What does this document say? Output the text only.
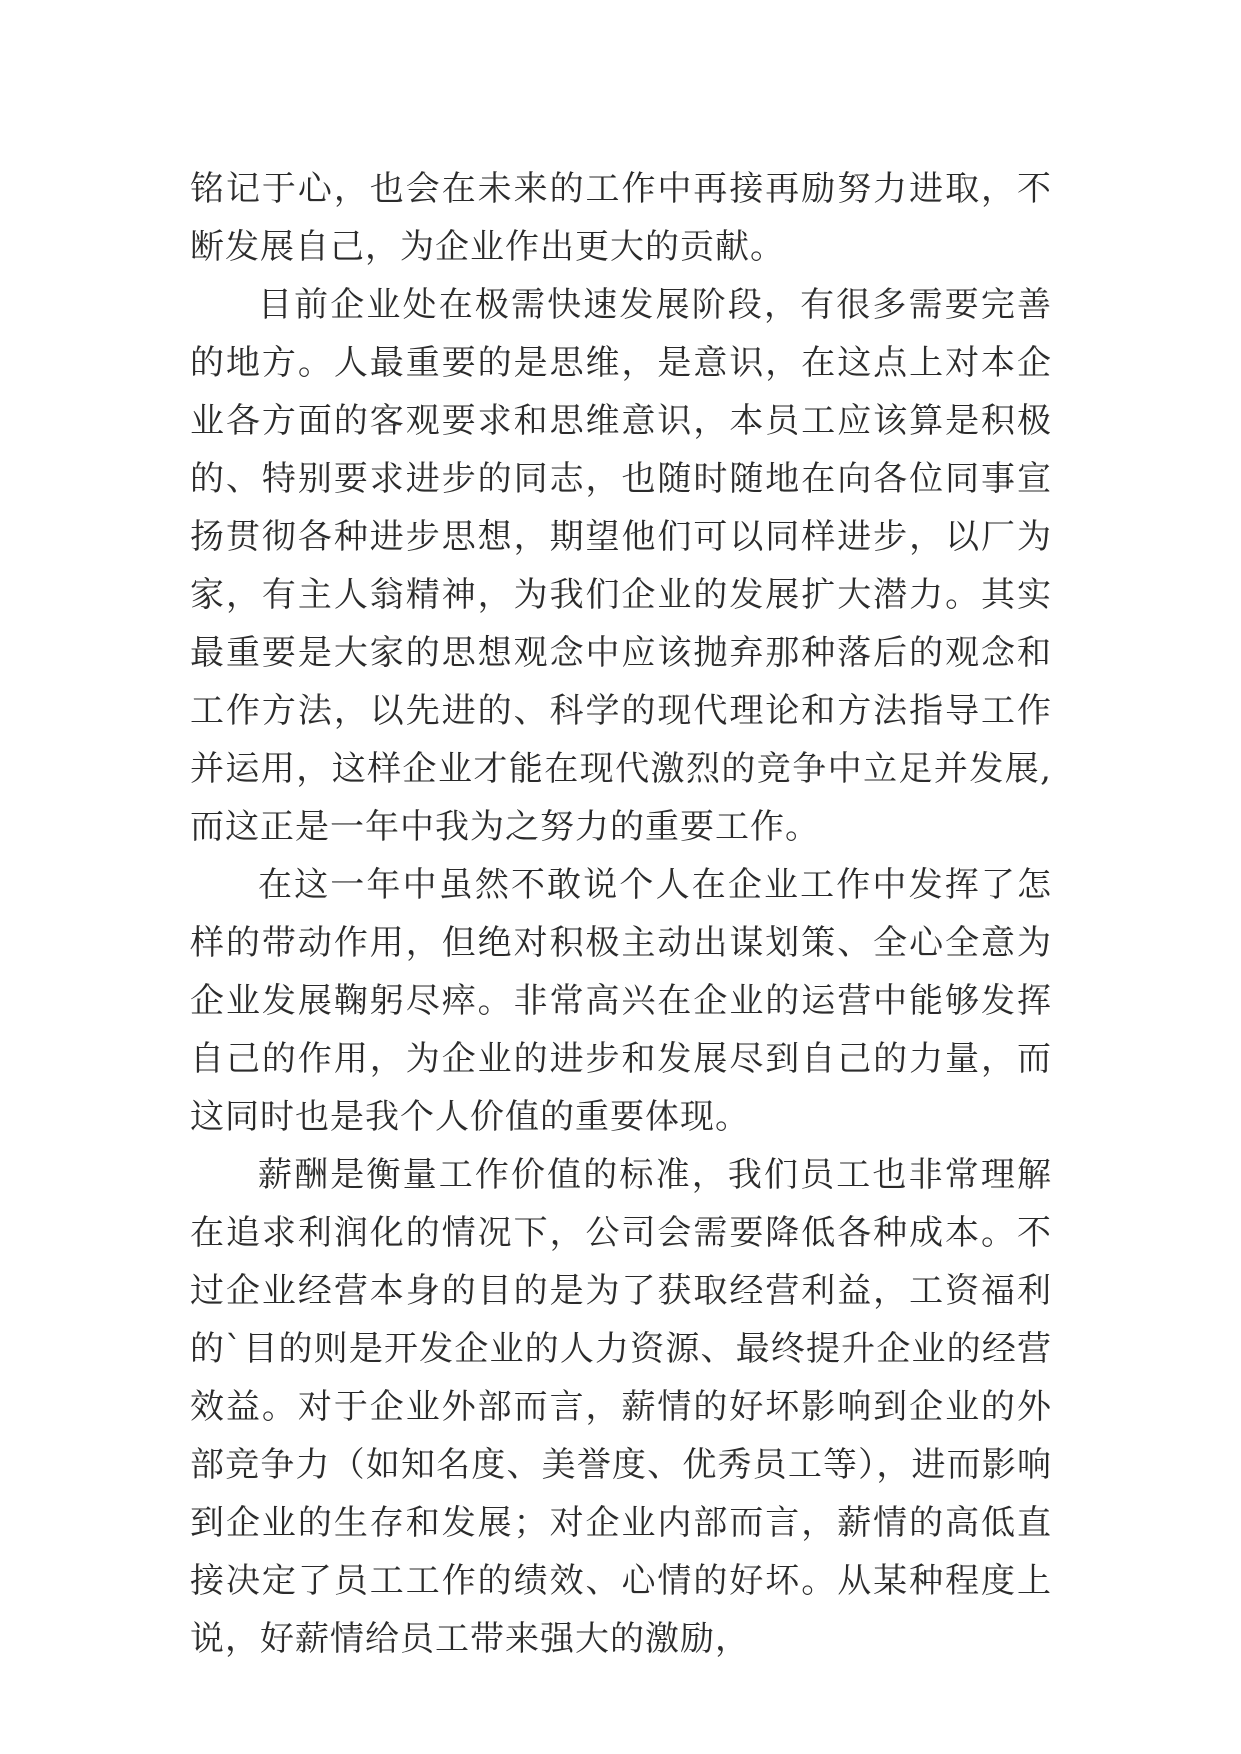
铭记于心，也会在未来的工作中再接再励努力进取，不断发展自己，为企业作出更大的贡献。

目前企业处在极需快速发展阶段，有很多需要完善的地方。人最重要的是思维，是意识，在这点上对本企业各方面的客观要求和思维意识，本员工应该算是积极的、特别要求进步的同志，也随时随地在向各位同事宣扬贯彻各种进步思想，期望他们可以同样进步，以厂为家，有主人翁精神，为我们企业的发展扩大潜力。其实最重要是大家的思想观念中应该抛弃那种落后的观念和工作方法，以先进的、科学的现代理论和方法指导工作并运用，这样企业才能在现代激烈的竞争中立足并发展,而这正是一年中我为之努力的重要工作。

在这一年中虽然不敢说个人在企业工作中发挥了怎样的带动作用，但绝对积极主动出谋划策、全心全意为企业发展鞠躬尽瘁。非常高兴在企业的运营中能够发挥自己的作用，为企业的进步和发展尽到自己的力量，而这同时也是我个人价值的重要体现。

薪酬是衡量工作价值的标准，我们员工也非常理解在追求利润化的情况下，公司会需要降低各种成本。不过企业经营本身的目的是为了获取经营利益，工资福利的`目的则是开发企业的人力资源、最终提升企业的经营效益。对于企业外部而言，薪情的好坏影响到企业的外部竞争力（如知名度、美誉度、优秀员工等），进而影响到企业的生存和发展；对企业内部而言，薪情的高低直接决定了员工工作的绩效、心情的好坏。从某种程度上说，好薪情给员工带来强大的激励，
